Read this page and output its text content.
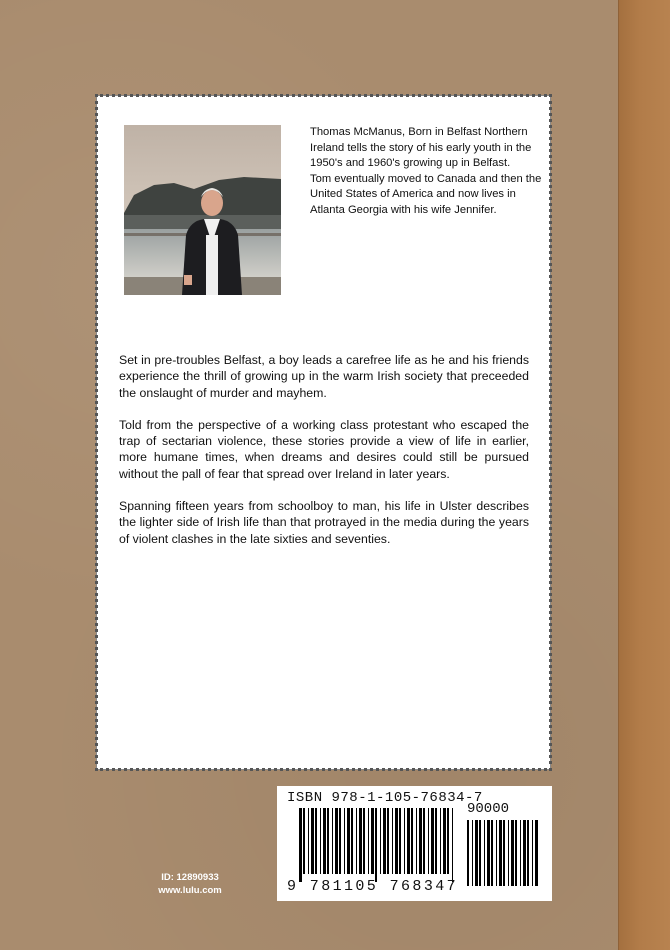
Thomas McManus, Born in Belfast Northern Ireland tells the story of his early youth in the 1950's and 1960's growing up in Belfast.

Tom eventually moved to Canada and then the United States of America and now lives in Atlanta Georgia with his wife Jennifer.

Set in pre-troubles Belfast, a boy leads a carefree life as he and his friends experience the thrill of growing up in the warm Irish society that preceeded the onslaught of murder and mayhem.

Told from the perspective of a working class protestant who escaped the trap of sectarian violence, these stories provide a view of life in earlier, more humane times, when dreams and desires could still be pursued without the pall of fear that spread over Ireland in later years.

Spanning fifteen years from schoolboy to man, his life in Ulster describes the lighter side of Irish life than that protrayed in the media during the years of violent clashes in the late sixties and seventies.

ID: 12890933
www.lulu.com
ISBN 978-1-105-76834-7
90000
9 781105 768347
